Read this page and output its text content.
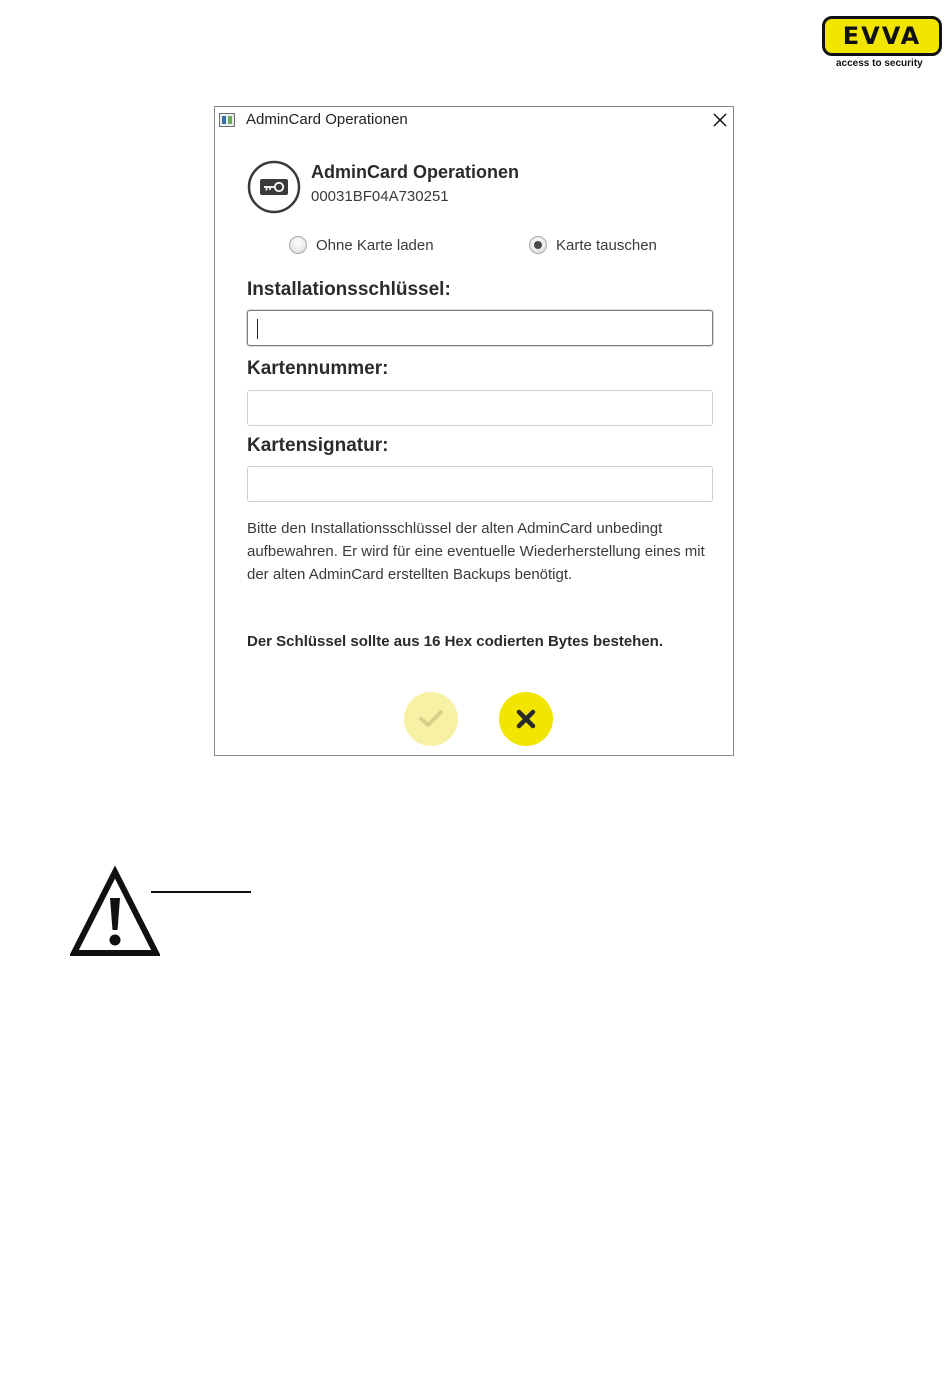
EVVA
access to security
AdminCard Operationen
AdminCard Operationen
00031BF04A730251
Ohne Karte laden	Karte tauschen
Installationsschlüssel:
Kartennummer:
Kartensignatur:
Bitte den Installationsschlüssel der alten AdminCard unbedingt aufbewahren. Er wird für eine eventuelle Wiederherstellung eines mit der alten AdminCard erstellten Backups benötigt.
Der Schlüssel sollte aus 16 Hex codierten Bytes bestehen.
